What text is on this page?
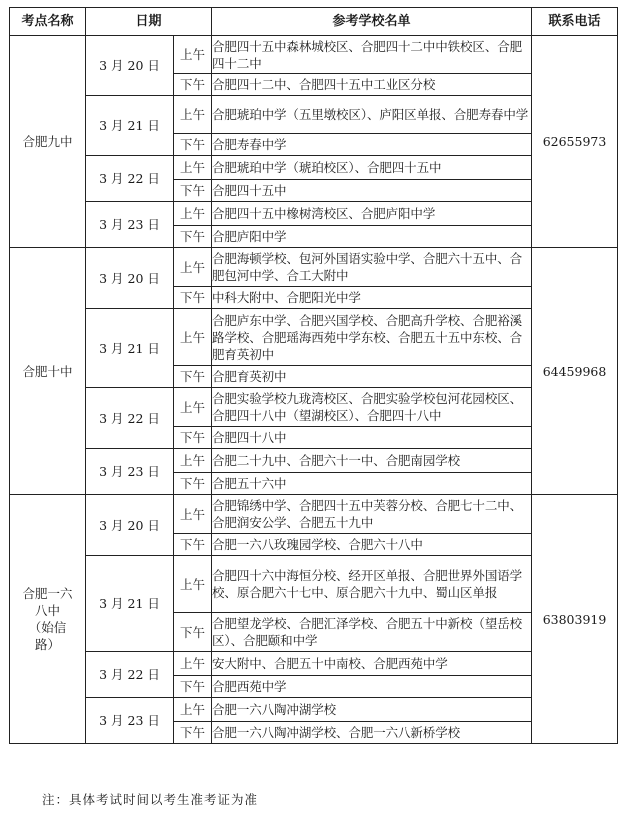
考点名称	日期		参考学校名单	联系电话
合肥九中	3 月 20 日	上午	合肥四十五中森林城校区、合肥四十二中中铁校区、合肥四十二中	62655973
		下午	合肥四十二中、合肥四十五中工业区分校	
	3 月 21 日	上午	合肥琥珀中学（五里墩校区）、庐阳区单报、合肥寿春中学	
		下午	合肥寿春中学	
	3 月 22 日	上午	合肥琥珀中学（琥珀校区）、合肥四十五中	
		下午	合肥四十五中	
	3 月 23 日	上午	合肥四十五中橡树湾校区、合肥庐阳中学	
		下午	合肥庐阳中学	
合肥十中	3 月 20 日	上午	合肥海顿学校、包河外国语实验中学、合肥六十五中、合肥包河中学、合工大附中	64459968
		下午	中科大附中、合肥阳光中学	
	3 月 21 日	上午	合肥庐东中学、合肥兴国学校、合肥高升学校、合肥裕溪路学校、合肥瑶海西苑中学东校、合肥五十五中东校、合肥育英初中	
		下午	合肥育英初中	
	3 月 22 日	上午	合肥实验学校九珑湾校区、合肥实验学校包河花园校区、合肥四十八中（望湖校区）、合肥四十八中	
		下午	合肥四十八中	
	3 月 23 日	上午	合肥二十九中、合肥六十一中、合肥南园学校	
		下午	合肥五十六中	

合肥一六
八中
（始信
路）	3 月 20 日	上午	合肥锦绣中学、合肥四十五中芙蓉分校、合肥七十二中、合肥润安公学、合肥五十九中	63803919
		下午	合肥一六八玫瑰园学校、合肥六十八中	
	3 月 21 日	上午	合肥四十六中海恒分校、经开区单报、合肥世界外国语学校、原合肥六十七中、原合肥六十九中、蜀山区单报	
		下午	合肥望龙学校、合肥汇泽学校、合肥五十中新校（望岳校区）、合肥颐和中学	
	3 月 22 日	上午	安大附中、合肥五十中南校、合肥西苑中学	
		下午	合肥西苑中学	
	3 月 23 日	上午	合肥一六八陶冲湖学校	
		下午	合肥一六八陶冲湖学校、合肥一六八新桥学校	
注：具体考试时间以考生准考证为准
